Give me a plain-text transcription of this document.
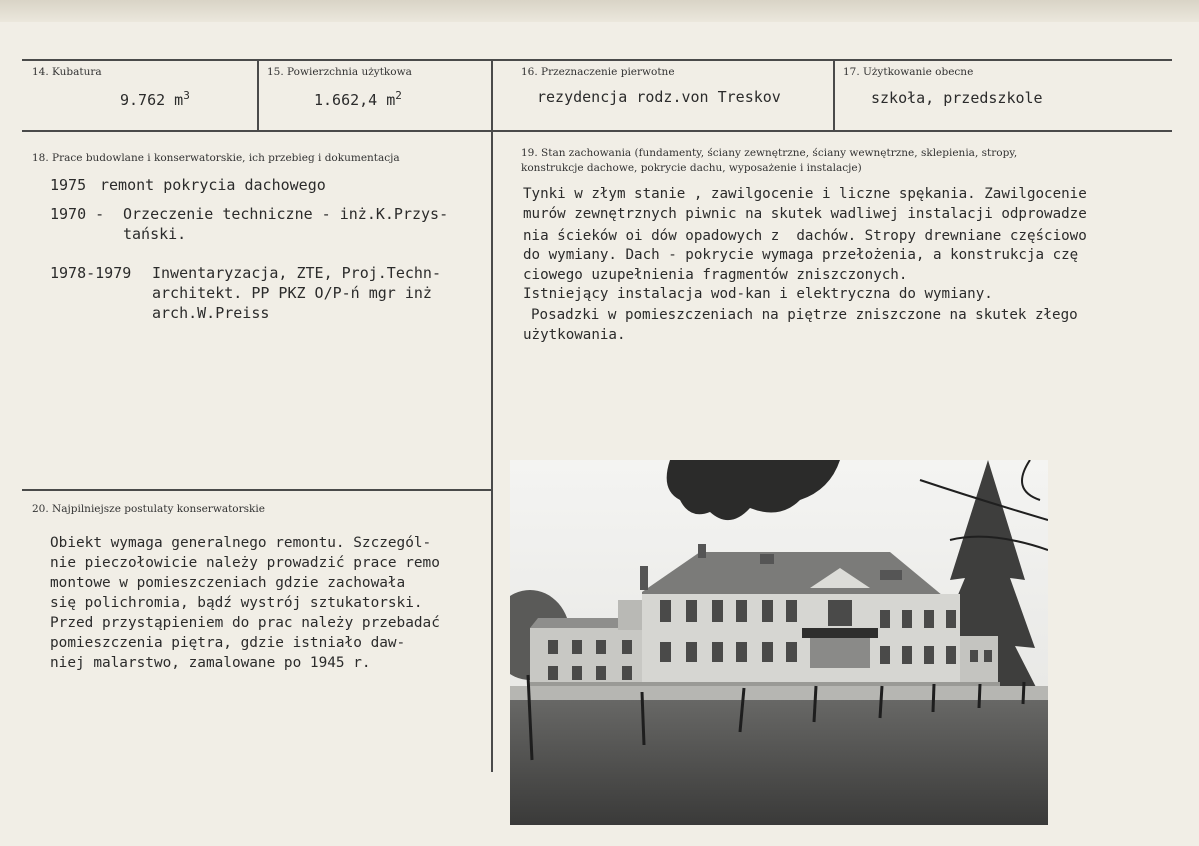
14. Kubatura
9.762 $m^3$
15. Powierzchnia użytkowa
1.662,4 $m^2$
16. Przeznaczenie pierwotne
rezydencja rodz.von Treskov
17. Użytkowanie obecne
szkoła, przedszkole
18. Prace budowlane i konserwatorskie, ich przebieg i dokumentacja
1975 remont pokrycia dachowego
1970 - Orzeczenie techniczne - inż.K.Przys-
tański.
1978-1979 Inwentaryzacja, ZTE, Proj.Techn-
architekt. PP PKZ O/P-ń mgr inż
arch.W.Preiss
19. Stan zachowania (fundamenty, ściany zewnętrzne, ściany wewnętrzne, sklepienia, stropy,
konstrukcje dachowe, pokrycie dachu, wyposażenie i instalacje)
Tynki w złym stanie , zawilgocenie i liczne spękania. Zawilgocenie
murów zewnętrznych piwnic na skutek wadliwej instalacji odprowadze
nia ścieków oi dów opadowych z  dachów. Stropy drewniane częściowo
do wymiany. Dach - pokrycie wymaga przełożenia, a konstrukcja czę
ciowego uzupełnienia fragmentów zniszczonych.
Istniejący instalacja wod-kan i elektryczna do wymiany.
Posadzki w pomieszczeniach na piętrze zniszczone na skutek złego
użytkowania.
20. Najpilniejsze postulaty konserwatorskie
Obiekt wymaga generalnego remontu. Szczegól-
nie pieczołowicie należy prowadzić prace remo
montowe w pomieszczeniach gdzie zachowała
się polichromia, bądź wystrój sztukatorski.
Przed przystąpieniem do prac należy przebadać
pomieszczenia piętra, gdzie istniało daw-
niej malarstwo, zamalowane po 1945 r.
